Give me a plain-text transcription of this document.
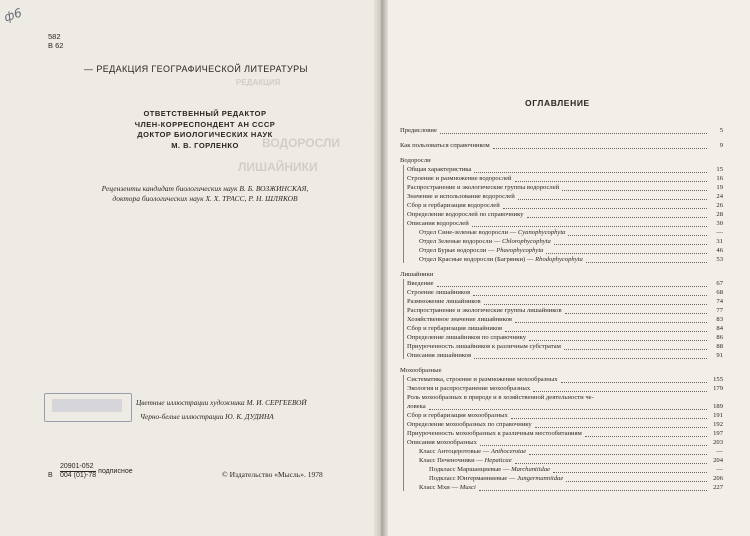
ф6
582
В 62
— РЕДАКЦИЯ ГЕОГРАФИЧЕСКОЙ ЛИТЕРАТУРЫ
РЕДАКЦИЯ
ВОДОРОСЛИ
ЛИШАЙНИКИ
ОТВЕТСТВЕННЫЙ РЕДАКТОР
ЧЛЕН-КОРРЕСПОНДЕНТ АН СССР
ДОКТОР БИОЛОГИЧЕСКИХ НАУК
М. В. ГОРЛЕНКО
Рецензенты кандидат биологических наук В. Б. ВОЗЖИНСКАЯ,
доктора биологических наук Х. Х. ТРАСС, Р. Н. ШЛЯКОВ
Цветные иллюстрации художника М. И. СЕРГЕЕВОЙ
Черно-белые иллюстрации Ю. К. ДУДИНА
20901-052
В 004 (01)-78 подписное	© Издательство «Мысль». 1978
ОГЛАВЛЕНИЕ
Предисловие	5
Как пользоваться справочником	9
Водоросли
Общая характеристика	15
Строение и размножение водорослей	16
Распространение и экологические группы водорослей	19
Значение и использование водорослей	24
Сбор и гербаризация водорослей	26
Определение водорослей по справочнику	28
Описания водорослей	30
Отдел Сине-зеленые водоросли — Cyanophycophyta	—
Отдел Зеленые водоросли — Chlorophycophyta	31
Отдел Бурые водоросли — Phaeophycophyta	46
Отдел Красные водоросли (Багрянки) — Rhodophycophyta	53
Лишайники
Введение	67
Строение лишайников	68
Размножение лишайников	74
Распространение и экологические группы лишайников	77
Хозяйственное значение лишайников	83
Сбор и гербаризация лишайников	84
Определение лишайников по справочнику	86
Приуроченность лишайников к различным субстратам	88
Описания лишайников	91
Мохообразные
Систематика, строение и размножение мохообразных	155
Экология и распространение мохообразных	179
Роль мохообразных в природе и в хозяйственной деятельности че-
ловека	189
Сбор и гербаризация мохообразных	191
Определение мохообразных по справочнику	192
Приуроченность мохообразных к различным местообитаниям	197
Описания мохообразных	203
Класс Антоцеротовые — Anthocerotae	—
Класс Печеночники — Hepaticae	204
Подкласс Маршанциевые — Marchantiidae	—
Подкласс Юнгерманниевые — Jungermanniidae	206
Класс Мхи — Musci	227
